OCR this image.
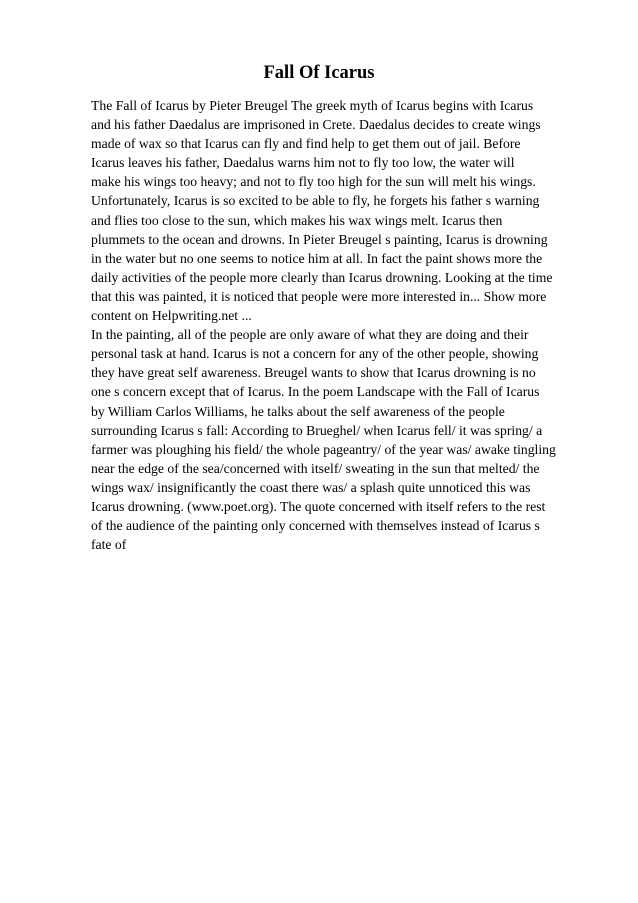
Fall Of Icarus

The Fall of Icarus by Pieter Breugel The greek myth of Icarus begins with Icarus

and his father Daedalus are imprisoned in Crete. Daedalus decides to create wings

made of wax so that Icarus can fly and find help to get them out of jail. Before

Icarus leaves his father, Daedalus warns him not to fly too low, the water will

make his wings too heavy; and not to fly too high for the sun will melt his wings.

Unfortunately, Icarus is so excited to be able to fly, he forgets his father s warning

and flies too close to the sun, which makes his wax wings melt. Icarus then

plummets to the ocean and drowns. In Pieter Breugel s painting, Icarus is drowning

in the water but no one seems to notice him at all. In fact the paint shows more the

daily activities of the people more clearly than Icarus drowning. Looking at the time

that this was painted, it is noticed that people were more interested in... Show more

content on Helpwriting.net ...

In the painting, all of the people are only aware of what they are doing and their

personal task at hand. Icarus is not a concern for any of the other people, showing

they have great self awareness. Breugel wants to show that Icarus drowning is no

one s concern except that of Icarus. In the poem Landscape with the Fall of Icarus

by William Carlos Williams, he talks about the self awareness of the people

surrounding Icarus s fall: According to Brueghel/ when Icarus fell/ it was spring/ a

farmer was ploughing his field/ the whole pageantry/ of the year was/ awake tingling

near the edge of the sea/concerned with itself/ sweating in the sun that melted/ the

wings wax/ insignificantly the coast there was/ a splash quite unnoticed this was

Icarus drowning. (www.poet.org). The quote concerned with itself refers to the rest

of the audience of the painting only concerned with themselves instead of Icarus s

fate of
